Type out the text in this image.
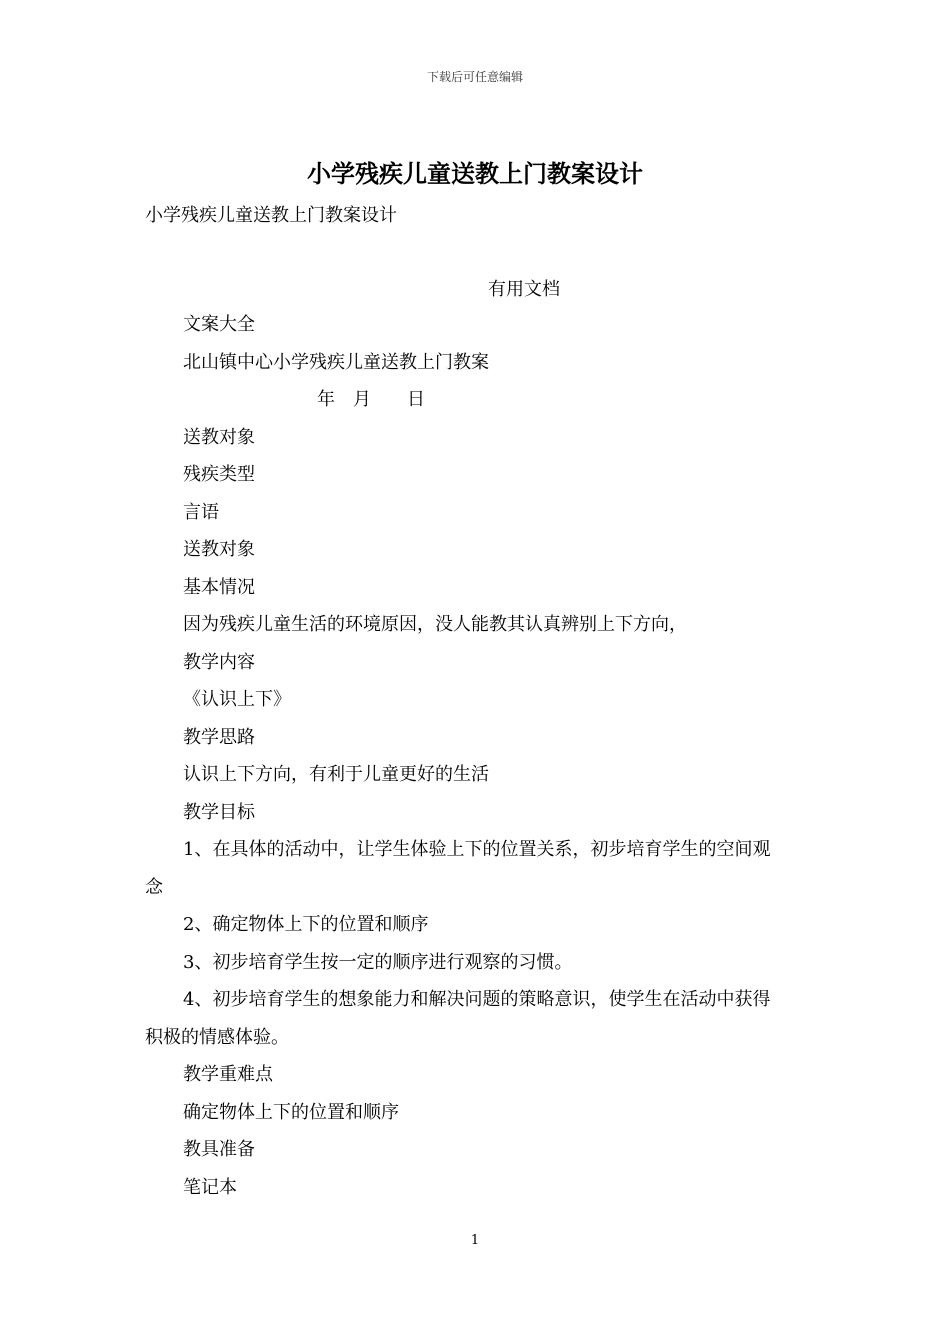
下载后可任意编辑
小学残疾儿童送教上门教案设计
小学残疾儿童送教上门教案设计
有用文档
文案大全
北山镇中心小学残疾儿童送教上门教案
年　月　　日
送教对象
残疾类型
言语
送教对象
基本情况
因为残疾儿童生活的环境原因，没人能教其认真辨别上下方向，
教学内容
《认识上下》
教学思路
认识上下方向，有利于儿童更好的生活
教学目标
1、在具体的活动中，让学生体验上下的位置关系，初步培育学生的空间观
念
2、确定物体上下的位置和顺序
3、初步培育学生按一定的顺序进行观察的习惯。
4、初步培育学生的想象能力和解决问题的策略意识，使学生在活动中获得
积极的情感体验。
教学重难点
确定物体上下的位置和顺序
教具准备
笔记本
1
